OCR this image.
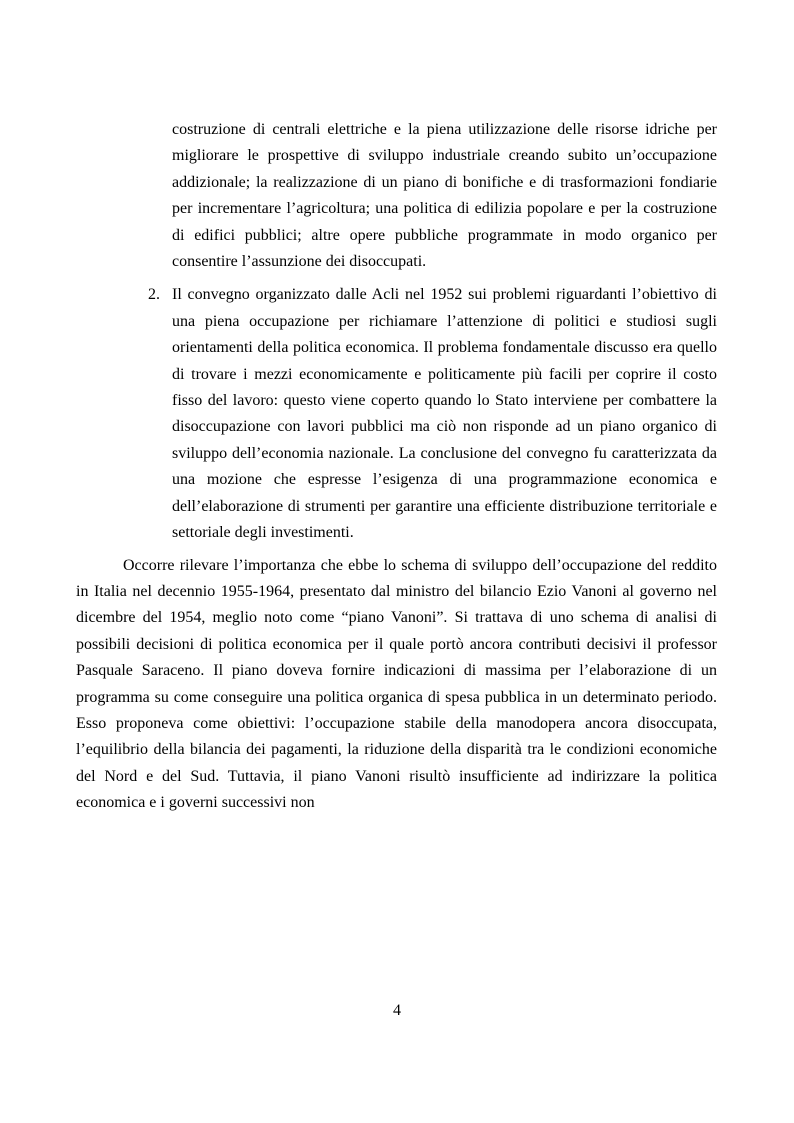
costruzione di centrali elettriche e la piena utilizzazione delle risorse idriche per migliorare le prospettive di sviluppo industriale creando subito un’occupazione addizionale; la realizzazione di un piano di bonifiche e di trasformazioni fondiarie per incrementare l’agricoltura; una politica di edilizia popolare e per la costruzione di edifici pubblici; altre opere pubbliche programmate in modo organico per consentire l’assunzione dei disoccupati.

2. Il convegno organizzato dalle Acli nel 1952 sui problemi riguardanti l’obiettivo di una piena occupazione per richiamare l’attenzione di politici e studiosi sugli orientamenti della politica economica. Il problema fondamentale discusso era quello di trovare i mezzi economicamente e politicamente più facili per coprire il costo fisso del lavoro: questo viene coperto quando lo Stato interviene per combattere la disoccupazione con lavori pubblici ma ciò non risponde ad un piano organico di sviluppo dell’economia nazionale. La conclusione del convegno fu caratterizzata da una mozione che espresse l’esigenza di una programmazione economica e dell’elaborazione di strumenti per garantire una efficiente distribuzione territoriale e settoriale degli investimenti.

Occorre rilevare l’importanza che ebbe lo schema di sviluppo dell’occupazione del reddito in Italia nel decennio 1955-1964, presentato dal ministro del bilancio Ezio Vanoni al governo nel dicembre del 1954, meglio noto come “piano Vanoni”. Si trattava di uno schema di analisi di possibili decisioni di politica economica per il quale portò ancora contributi decisivi il professor Pasquale Saraceno. Il piano doveva fornire indicazioni di massima per l’elaborazione di un programma su come conseguire una politica organica di spesa pubblica in un determinato periodo. Esso proponeva come obiettivi: l’occupazione stabile della manodopera ancora disoccupata, l’equilibrio della bilancia dei pagamenti, la riduzione della disparità tra le condizioni economiche del Nord e del Sud. Tuttavia, il piano Vanoni risultò insufficiente ad indirizzare la politica economica e i governi successivi non

4
